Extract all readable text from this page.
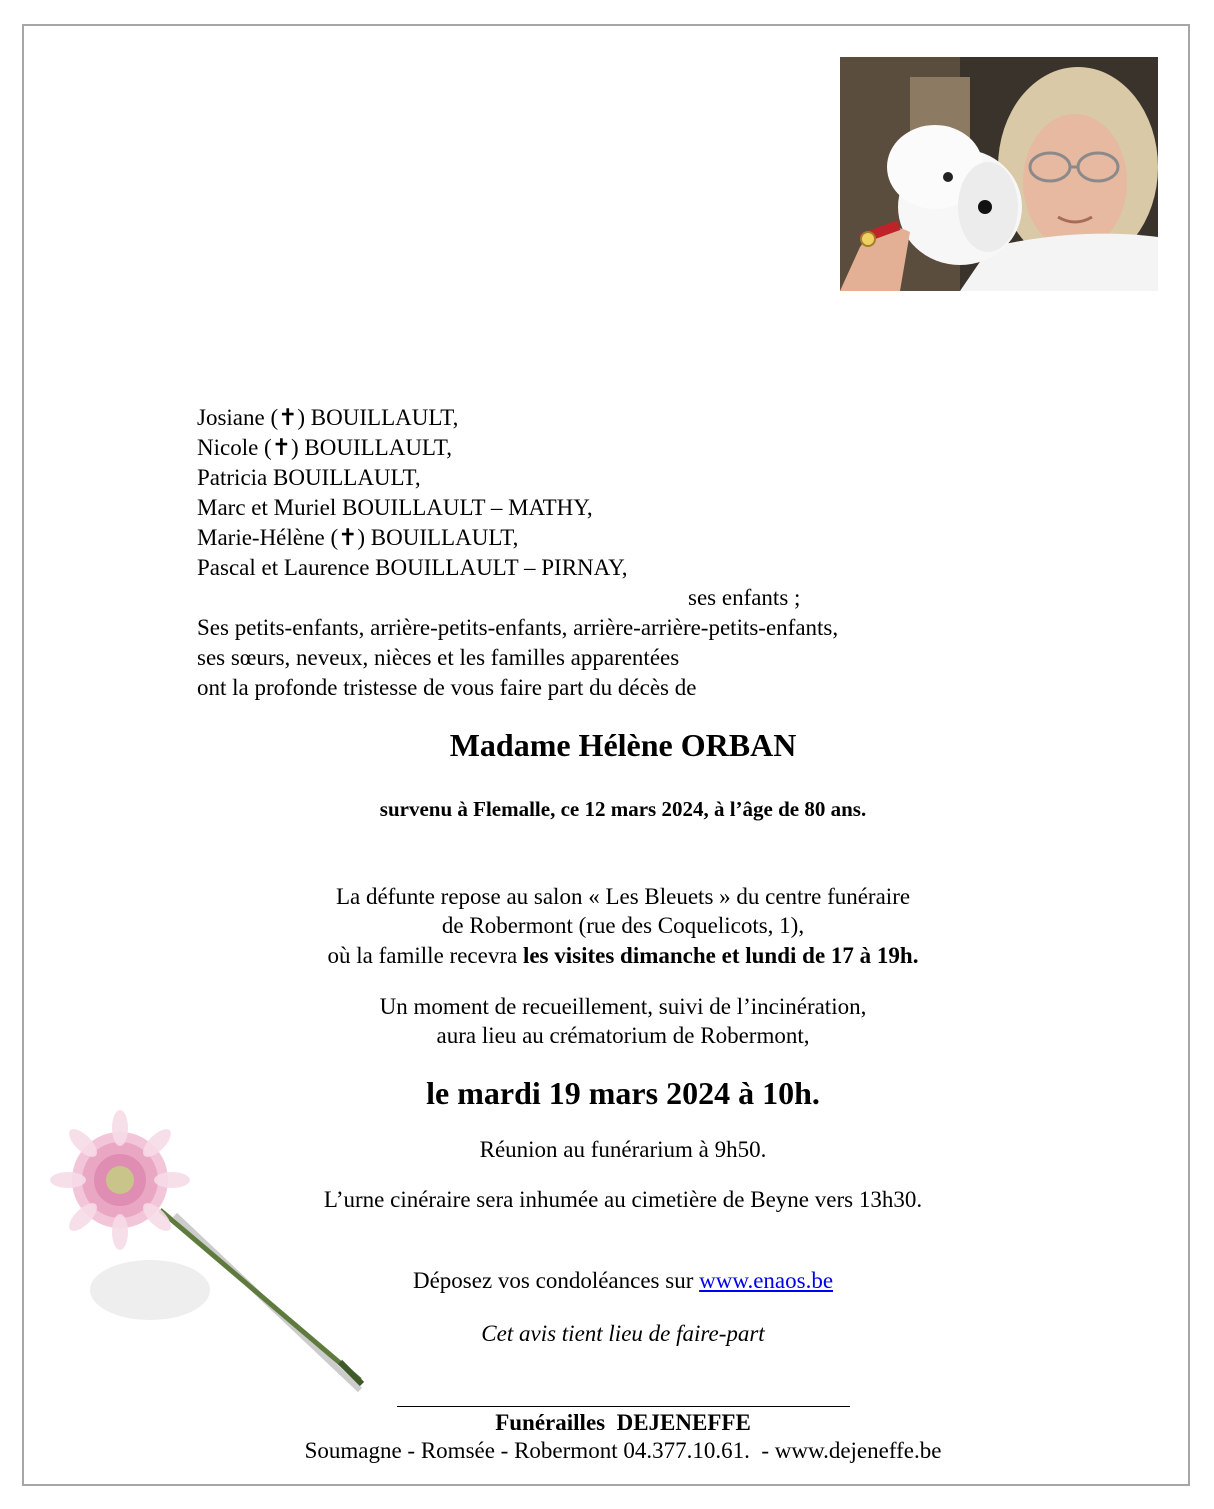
Josiane (✝) BOUILLAULT,
Nicole (✝) BOUILLAULT,
Patricia BOUILLAULT,
Marc et Muriel BOUILLAULT – MATHY,
Marie-Hélène (✝) BOUILLAULT,
Pascal et Laurence BOUILLAULT – PIRNAY,
ses enfants ;
Ses petits-enfants, arrière-petits-enfants, arrière-arrière-petits-enfants,
ses sœurs, neveux, nièces et les familles apparentées
ont la profonde tristesse de vous faire part du décès de
Madame Hélène ORBAN
survenu à Flemalle, ce 12 mars 2024, à l’âge de 80 ans.
La défunte repose au salon « Les Bleuets » du centre funéraire
de Robermont (rue des Coquelicots, 1),
où la famille recevra les visites dimanche et lundi de 17 à 19h.
Un moment de recueillement, suivi de l’incinération,
aura lieu au crématorium de Robermont,
le mardi 19 mars 2024 à 10h.
Réunion au funérarium à 9h50.
L’urne cinéraire sera inhumée au cimetière de Beyne vers 13h30.
Déposez vos condoléances sur www.enaos.be
Cet avis tient lieu de faire-part
Funérailles  DEJENEFFE
Soumagne - Romsée - Robermont 04.377.10.61.  - www.dejeneffe.be
